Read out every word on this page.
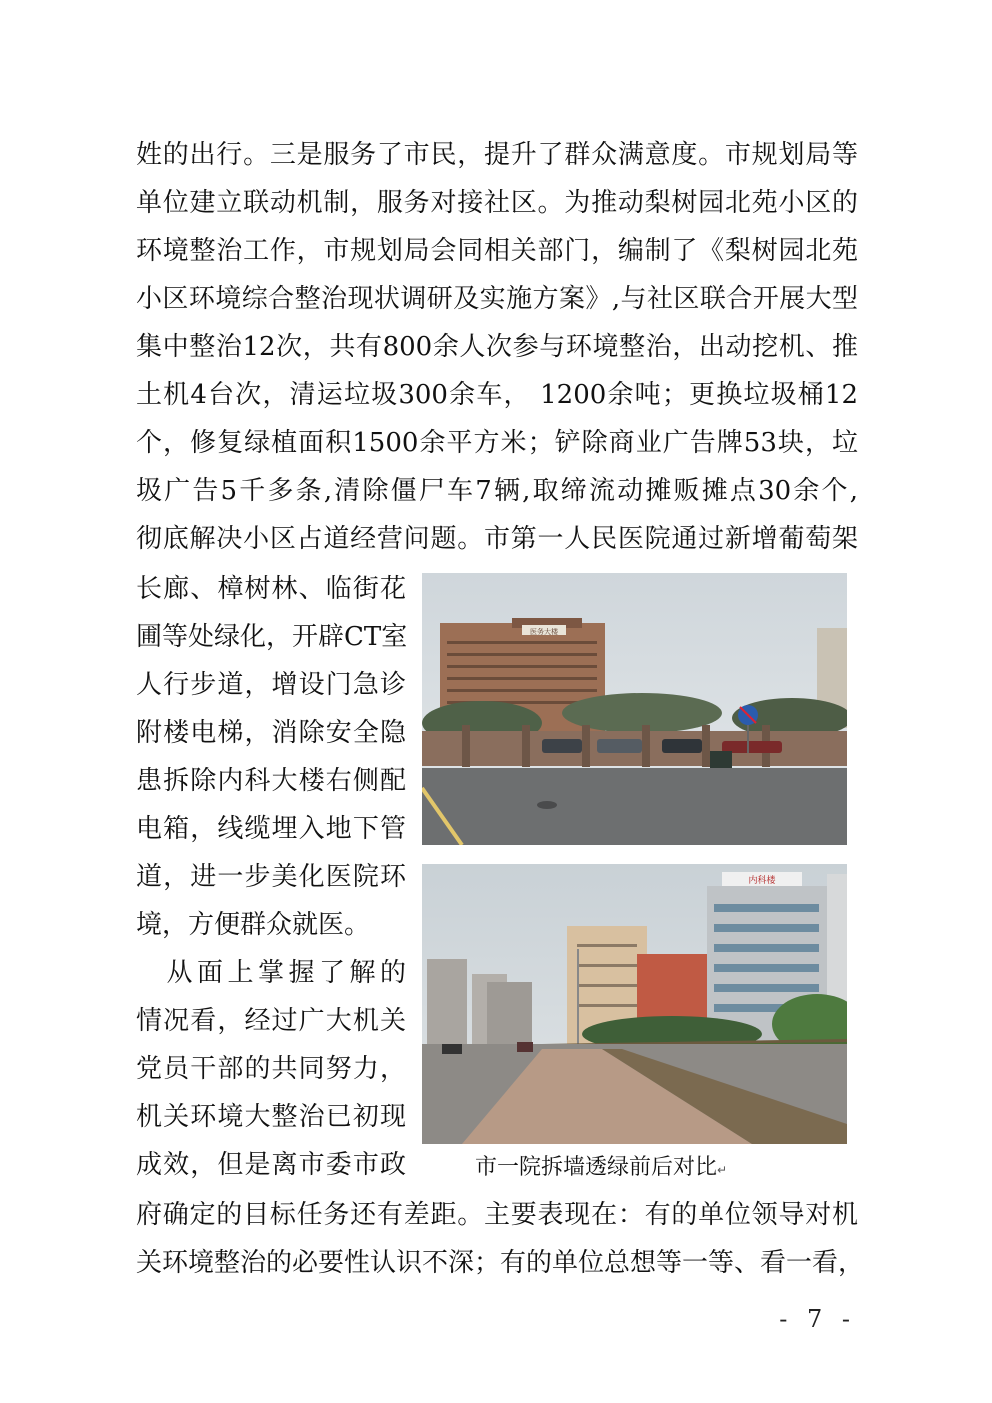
姓的出行。三是服务了市民，提升了群众满意度。市规划局等
单位建立联动机制，服务对接社区。为推动梨树园北苑小区的
环境整治工作，市规划局会同相关部门，编制了《梨树园北苑
小区环境综合整治现状调研及实施方案》,与社区联合开展大型
集中整治12次，共有800余人次参与环境整治，出动挖机、推
土机4台次，清运垃圾300余车， 1200余吨；更换垃圾桶12
个，修复绿植面积1500余平方米；铲除商业广告牌53块，垃
圾广告5千多条,清除僵尸车7辆,取缔流动摊贩摊点30余个,
彻底解决小区占道经营问题。市第一人民医院通过新增葡萄架
长廊、樟树林、临街花
圃等处绿化，开辟CT室
人行步道，增设门急诊
附楼电梯，消除安全隐
患拆除内科大楼右侧配
电箱，线缆埋入地下管
道，进一步美化医院环
境，方便群众就医。
　从面上掌握了解的
情况看，经过广大机关
党员干部的共同努力，
机关环境大整治已初现
成效，但是离市委市政
医务大楼
内科楼
市一院拆墙透绿前后对比↵
府确定的目标任务还有差距。主要表现在：有的单位领导对机
关环境整治的必要性认识不深；有的单位总想等一等、看一看，
- 7 -
